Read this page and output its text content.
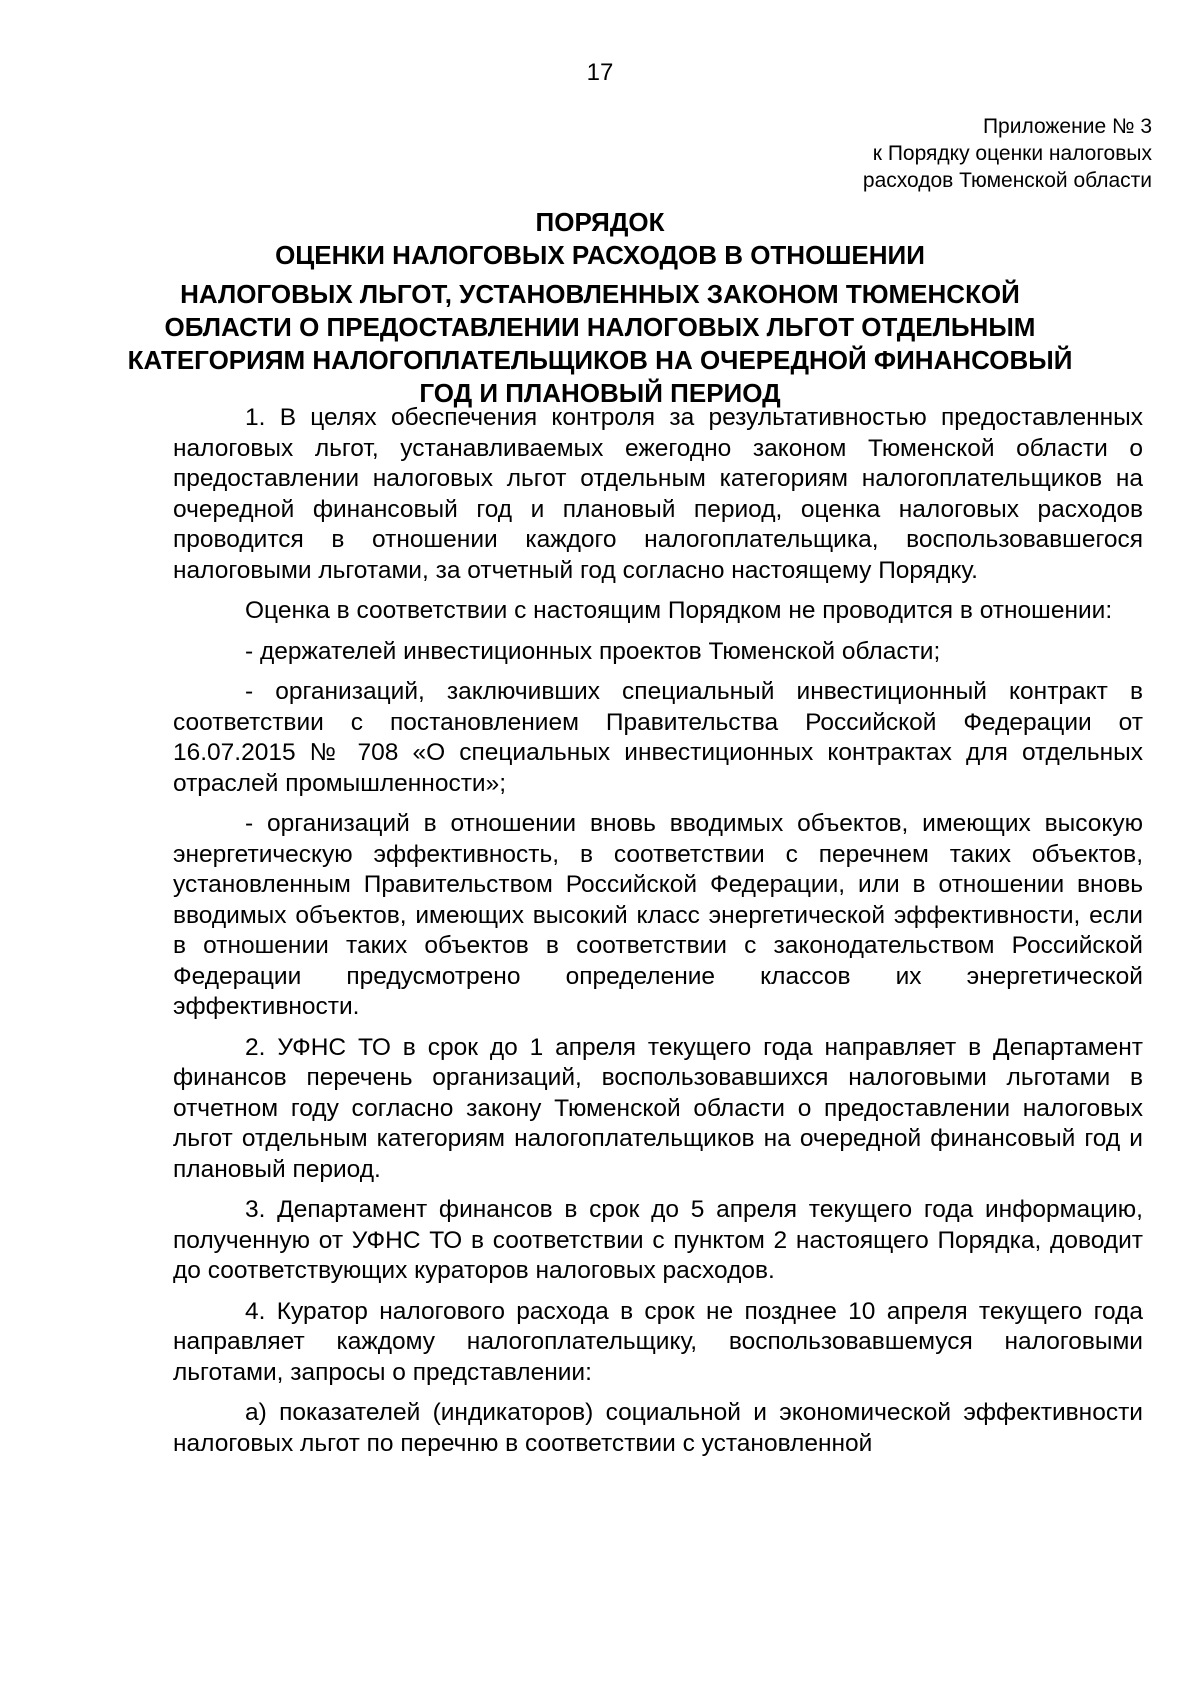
17
Приложение № 3
к Порядку оценки налоговых
расходов Тюменской области
ПОРЯДОК
ОЦЕНКИ НАЛОГОВЫХ РАСХОДОВ В ОТНОШЕНИИ
НАЛОГОВЫХ ЛЬГОТ, УСТАНОВЛЕННЫХ ЗАКОНОМ ТЮМЕНСКОЙ
ОБЛАСТИ О ПРЕДОСТАВЛЕНИИ НАЛОГОВЫХ ЛЬГОТ ОТДЕЛЬНЫМ
КАТЕГОРИЯМ НАЛОГОПЛАТЕЛЬЩИКОВ НА ОЧЕРЕДНОЙ ФИНАНСОВЫЙ
ГОД И ПЛАНОВЫЙ ПЕРИОД

1. В целях обеспечения контроля за результативностью предоставленных налоговых льгот, устанавливаемых ежегодно законом Тюменской области о предоставлении налоговых льгот отдельным категориям налогоплательщиков на очередной финансовый год и плановый период, оценка налоговых расходов проводится в отношении каждого налогоплательщика, воспользовавшегося налоговыми льготами, за отчетный год согласно настоящему Порядку.

Оценка в соответствии с настоящим Порядком не проводится в отношении:

- держателей инвестиционных проектов Тюменской области;

- организаций, заключивших специальный инвестиционный контракт в соответствии с постановлением Правительства Российской Федерации от 16.07.2015 № 708 «О специальных инвестиционных контрактах для отдельных отраслей промышленности»;

- организаций в отношении вновь вводимых объектов, имеющих высокую энергетическую эффективность, в соответствии с перечнем таких объектов, установленным Правительством Российской Федерации, или в отношении вновь вводимых объектов, имеющих высокий класс энергетической эффективности, если в отношении таких объектов в соответствии с законодательством Российской Федерации предусмотрено определение классов их энергетической эффективности.

2. УФНС ТО в срок до 1 апреля текущего года направляет в Департамент финансов перечень организаций, воспользовавшихся налоговыми льготами в отчетном году согласно закону Тюменской области о предоставлении налоговых льгот отдельным категориям налогоплательщиков на очередной финансовый год и плановый период.

3. Департамент финансов в срок до 5 апреля текущего года информацию, полученную от УФНС ТО в соответствии с пунктом 2 настоящего Порядка, доводит до соответствующих кураторов налоговых расходов.

4. Куратор налогового расхода в срок не позднее 10 апреля текущего года направляет каждому налогоплательщику, воспользовавшемуся налоговыми льготами, запросы о представлении:

а) показателей (индикаторов) социальной и экономической эффективности налоговых льгот по перечню в соответствии с установленной
